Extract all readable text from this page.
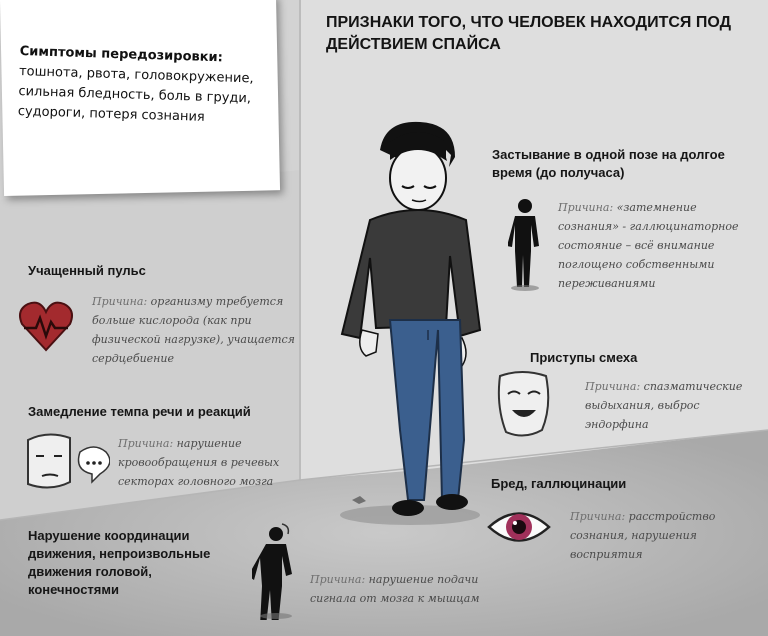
Симптомы передозировки:
тошнота, рвота, головокружение, сильная бледность, боль в груди, судороги, потеря сознания
ПРИЗНАКИ ТОГО, ЧТО ЧЕЛОВЕК НАХОДИТСЯ ПОД ДЕЙСТВИЕМ СПАЙСА
Учащенный пульс
Причина: организму требуется больше кислорода (как при физической нагрузке), учащается сердцебиение
Замедление темпа речи и реакций
Причина: нарушение кровообращения в речевых секторах головного мозга
Нарушение координации движения, непроизвольные движения головой, конечностями
Причина: нарушение подачи сигнала от мозга к мышцам
Застывание в одной позе на долгое время (до получаса)
Причина: «затемнение сознания» - галлюцинаторное состояние – всё внимание поглощено собственными переживаниями
Приступы смеха
Причина: спазматические выдыхания, выброс эндорфина
Бред, галлюцинации
Причина: расстройство сознания, нарушения восприятия
